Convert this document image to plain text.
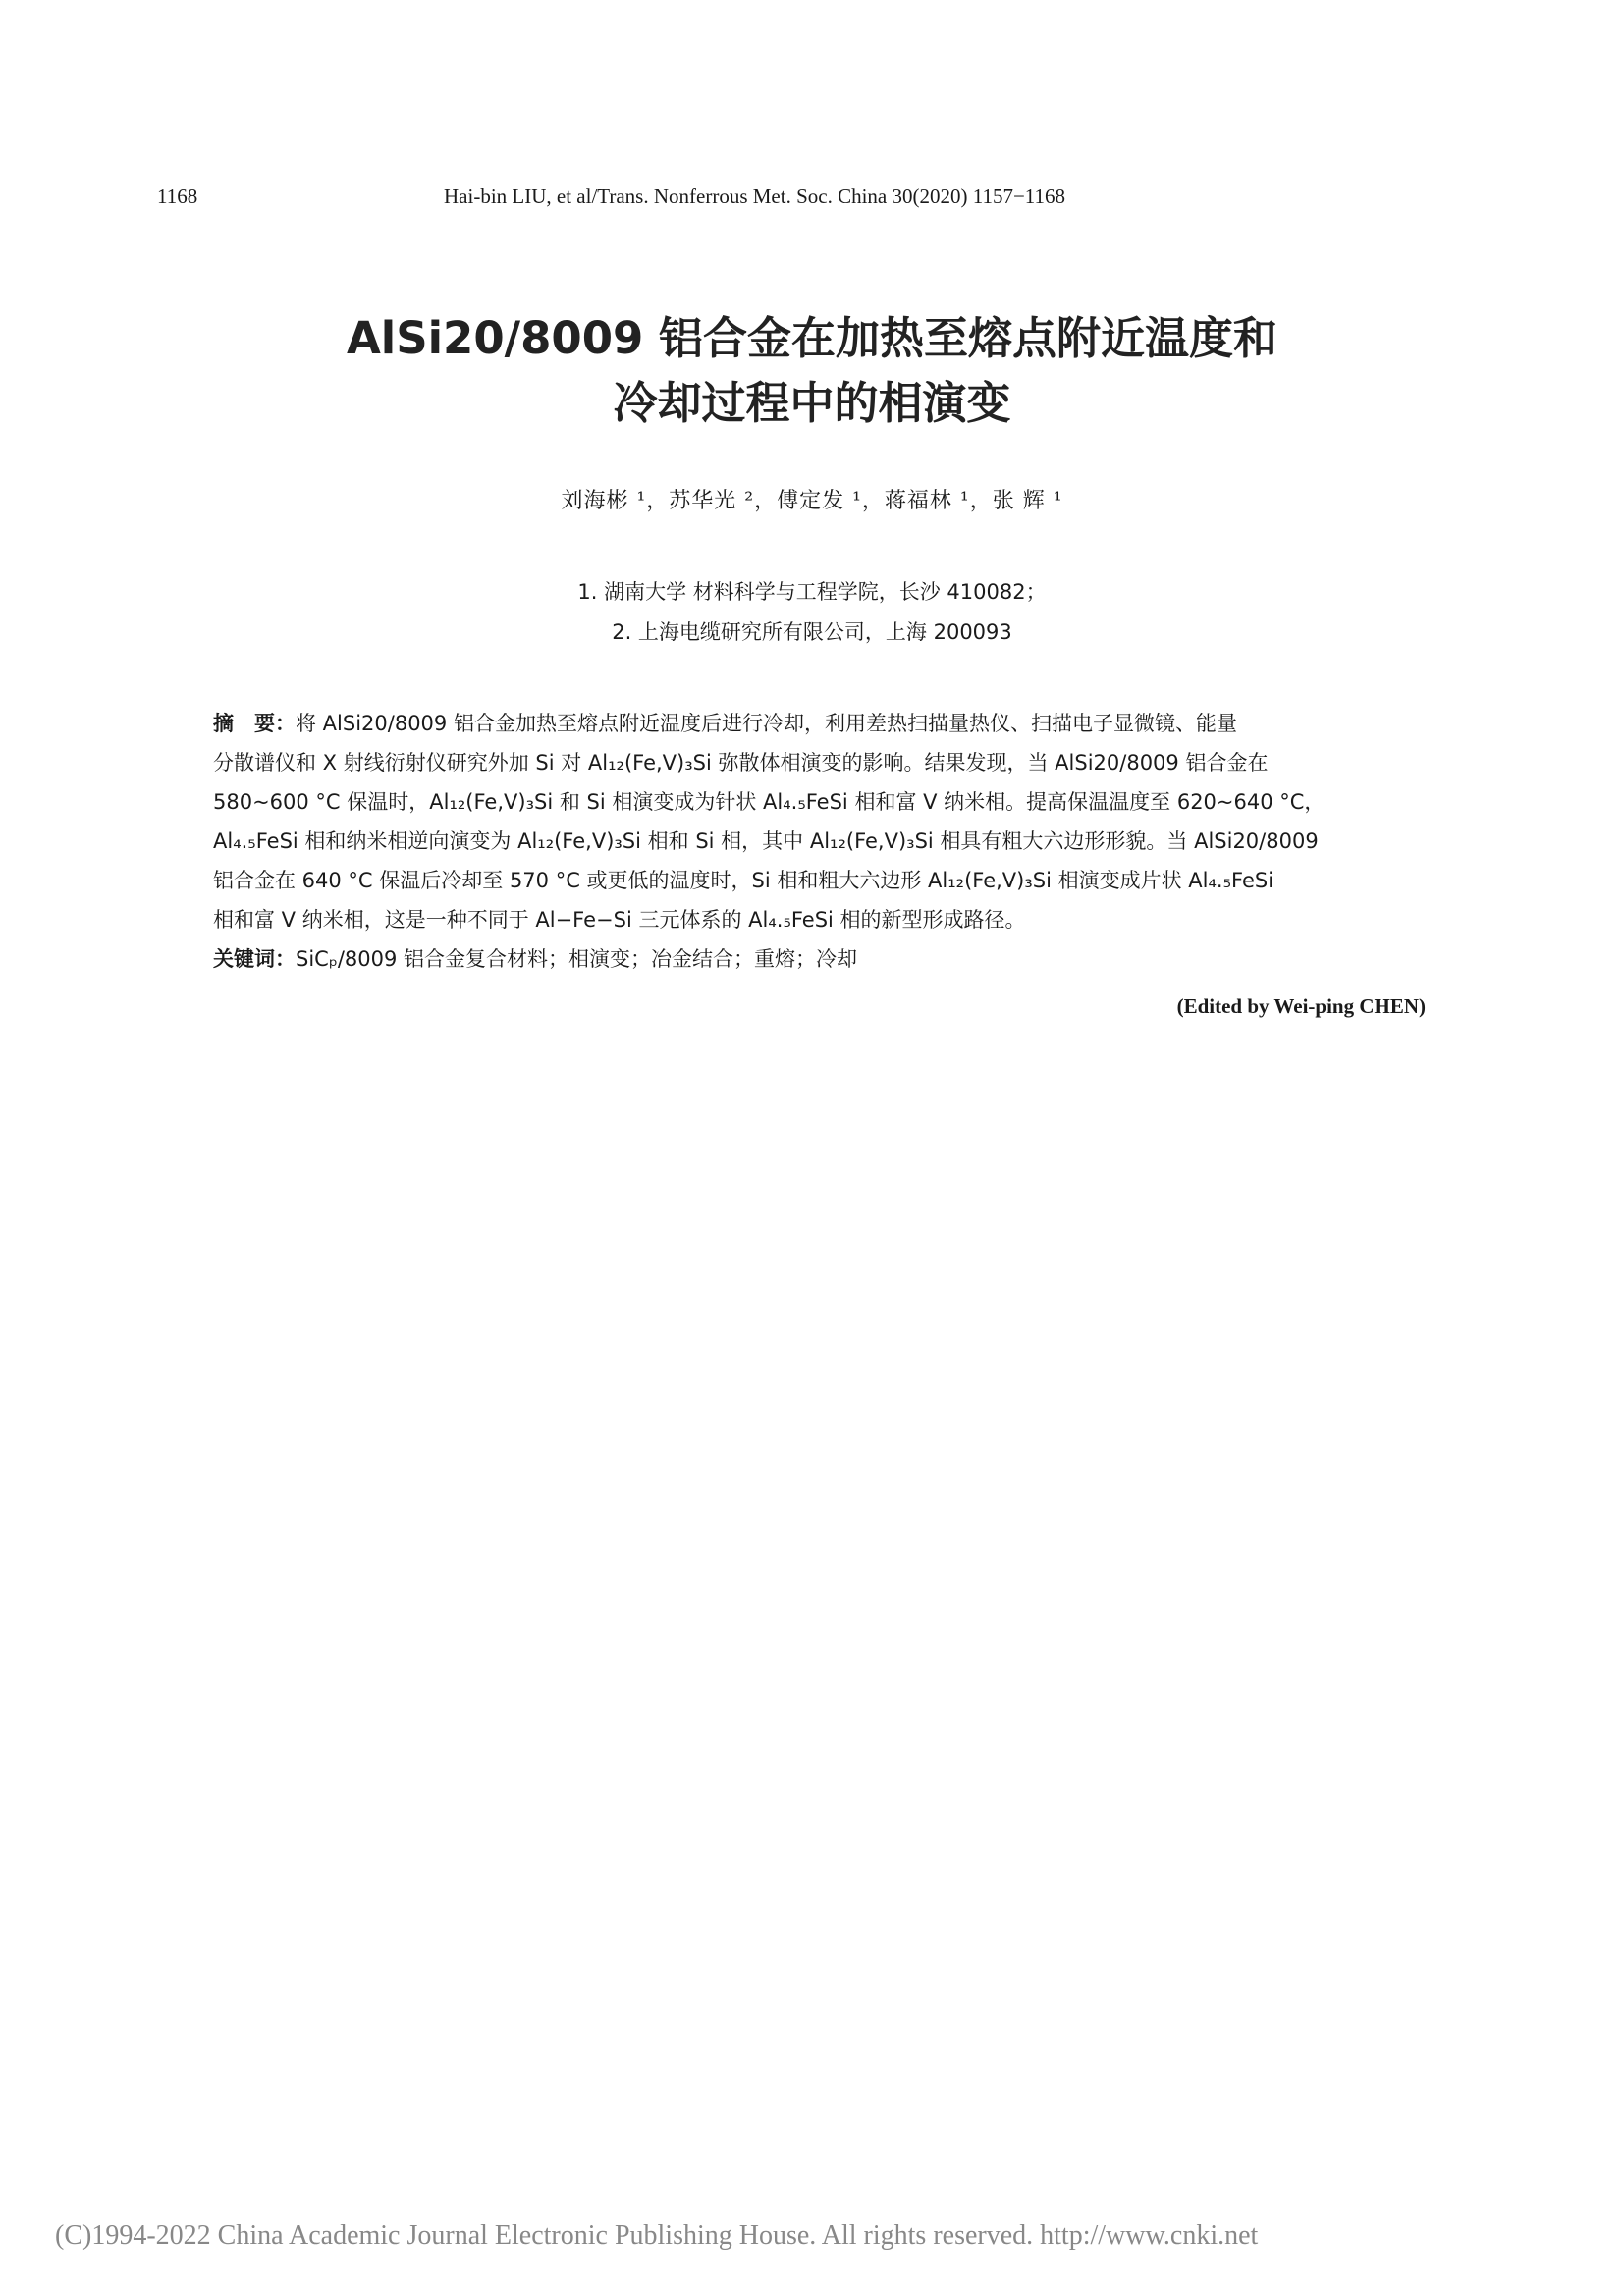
1168	Hai-bin LIU, et al/Trans. Nonferrous Met. Soc. China 30(2020) 1157−1168
AlSi20/8009 铝合金在加热至熔点附近温度和
冷却过程中的相演变
刘海彬 ¹，苏华光 ²，傅定发 ¹，蒋福林 ¹，张 辉 ¹
1. 湖南大学 材料科学与工程学院，长沙 410082；
2. 上海电缆研究所有限公司，上海 200093
摘　要：将 AlSi20/8009 铝合金加热至熔点附近温度后进行冷却，利用差热扫描量热仪、扫描电子显微镜、能量
分散谱仪和 X 射线衍射仪研究外加 Si 对 Al₁₂(Fe,V)₃Si 弥散体相演变的影响。结果发现，当 AlSi20/8009 铝合金在
580~600 °C 保温时，Al₁₂(Fe,V)₃Si 和 Si 相演变成为针状 Al₄.₅FeSi 相和富 V 纳米相。提高保温温度至 620~640 °C，
Al₄.₅FeSi 相和纳米相逆向演变为 Al₁₂(Fe,V)₃Si 相和 Si 相，其中 Al₁₂(Fe,V)₃Si 相具有粗大六边形形貌。当 AlSi20/8009
铝合金在 640 °C 保温后冷却至 570 °C 或更低的温度时，Si 相和粗大六边形 Al₁₂(Fe,V)₃Si 相演变成片状 Al₄.₅FeSi
相和富 V 纳米相，这是一种不同于 Al−Fe−Si 三元体系的 Al₄.₅FeSi 相的新型形成路径。
关键词：SiCₚ/8009 铝合金复合材料；相演变；冶金结合；重熔；冷却
(Edited by Wei-ping CHEN)
(C)1994-2022 China Academic Journal Electronic Publishing House. All rights reserved. http://www.cnki.net
